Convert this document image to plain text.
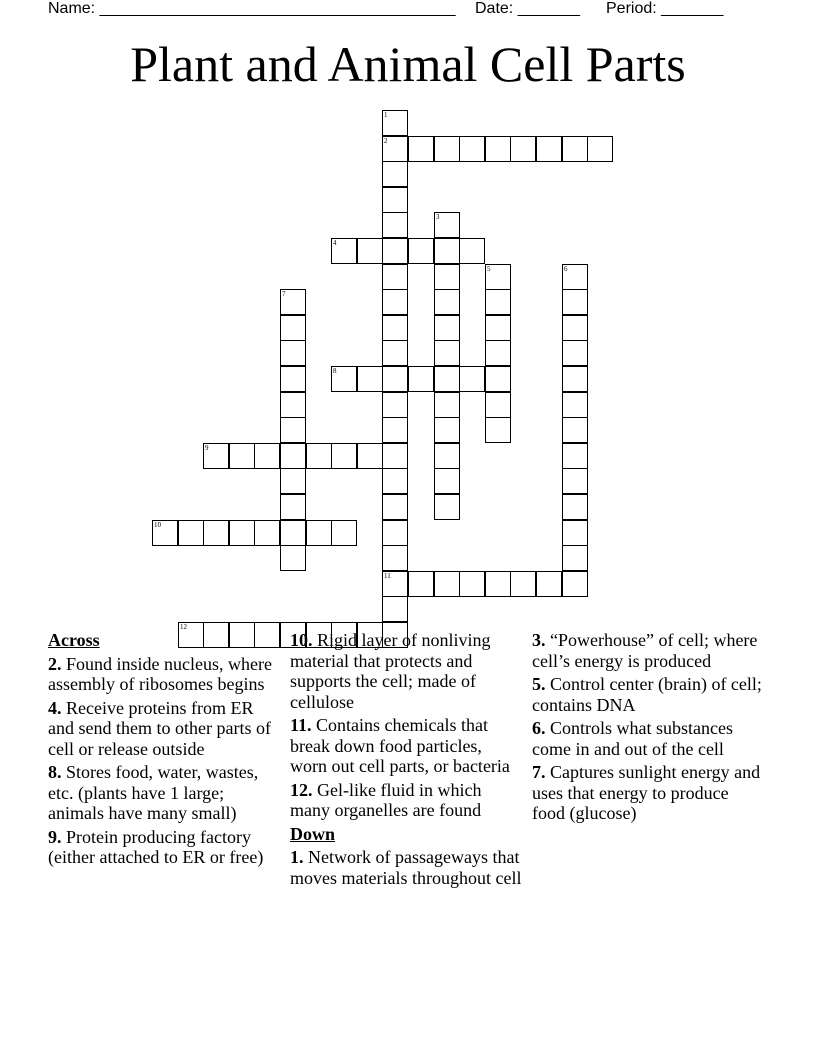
Name: ________________________________________

Date: _______

Period: _______

Plant and Animal Cell Parts
1
2
11
3
4
5	6
7
8
9
10
12
Across
2. Found inside nucleus, where assembly of ribosomes begins
4. Receive proteins from ER and send them to other parts of cell or release outside
8. Stores food, water, wastes, etc. (plants have 1 large; animals have many small)
9. Protein producing factory (either attached to ER or free)
10. Rigid layer of nonliving material that protects and supports the cell; made of cellulose
11. Contains chemicals that break down food particles, worn out cell parts, or bacteria
12. Gel-like fluid in which many organelles are found
Down
1. Network of passageways that moves materials throughout cell
3. “Powerhouse” of cell; where cell’s energy is produced
5. Control center (brain) of cell; contains DNA
6. Controls what substances come in and out of the cell
7. Captures sunlight energy and uses that energy to produce food (glucose)
